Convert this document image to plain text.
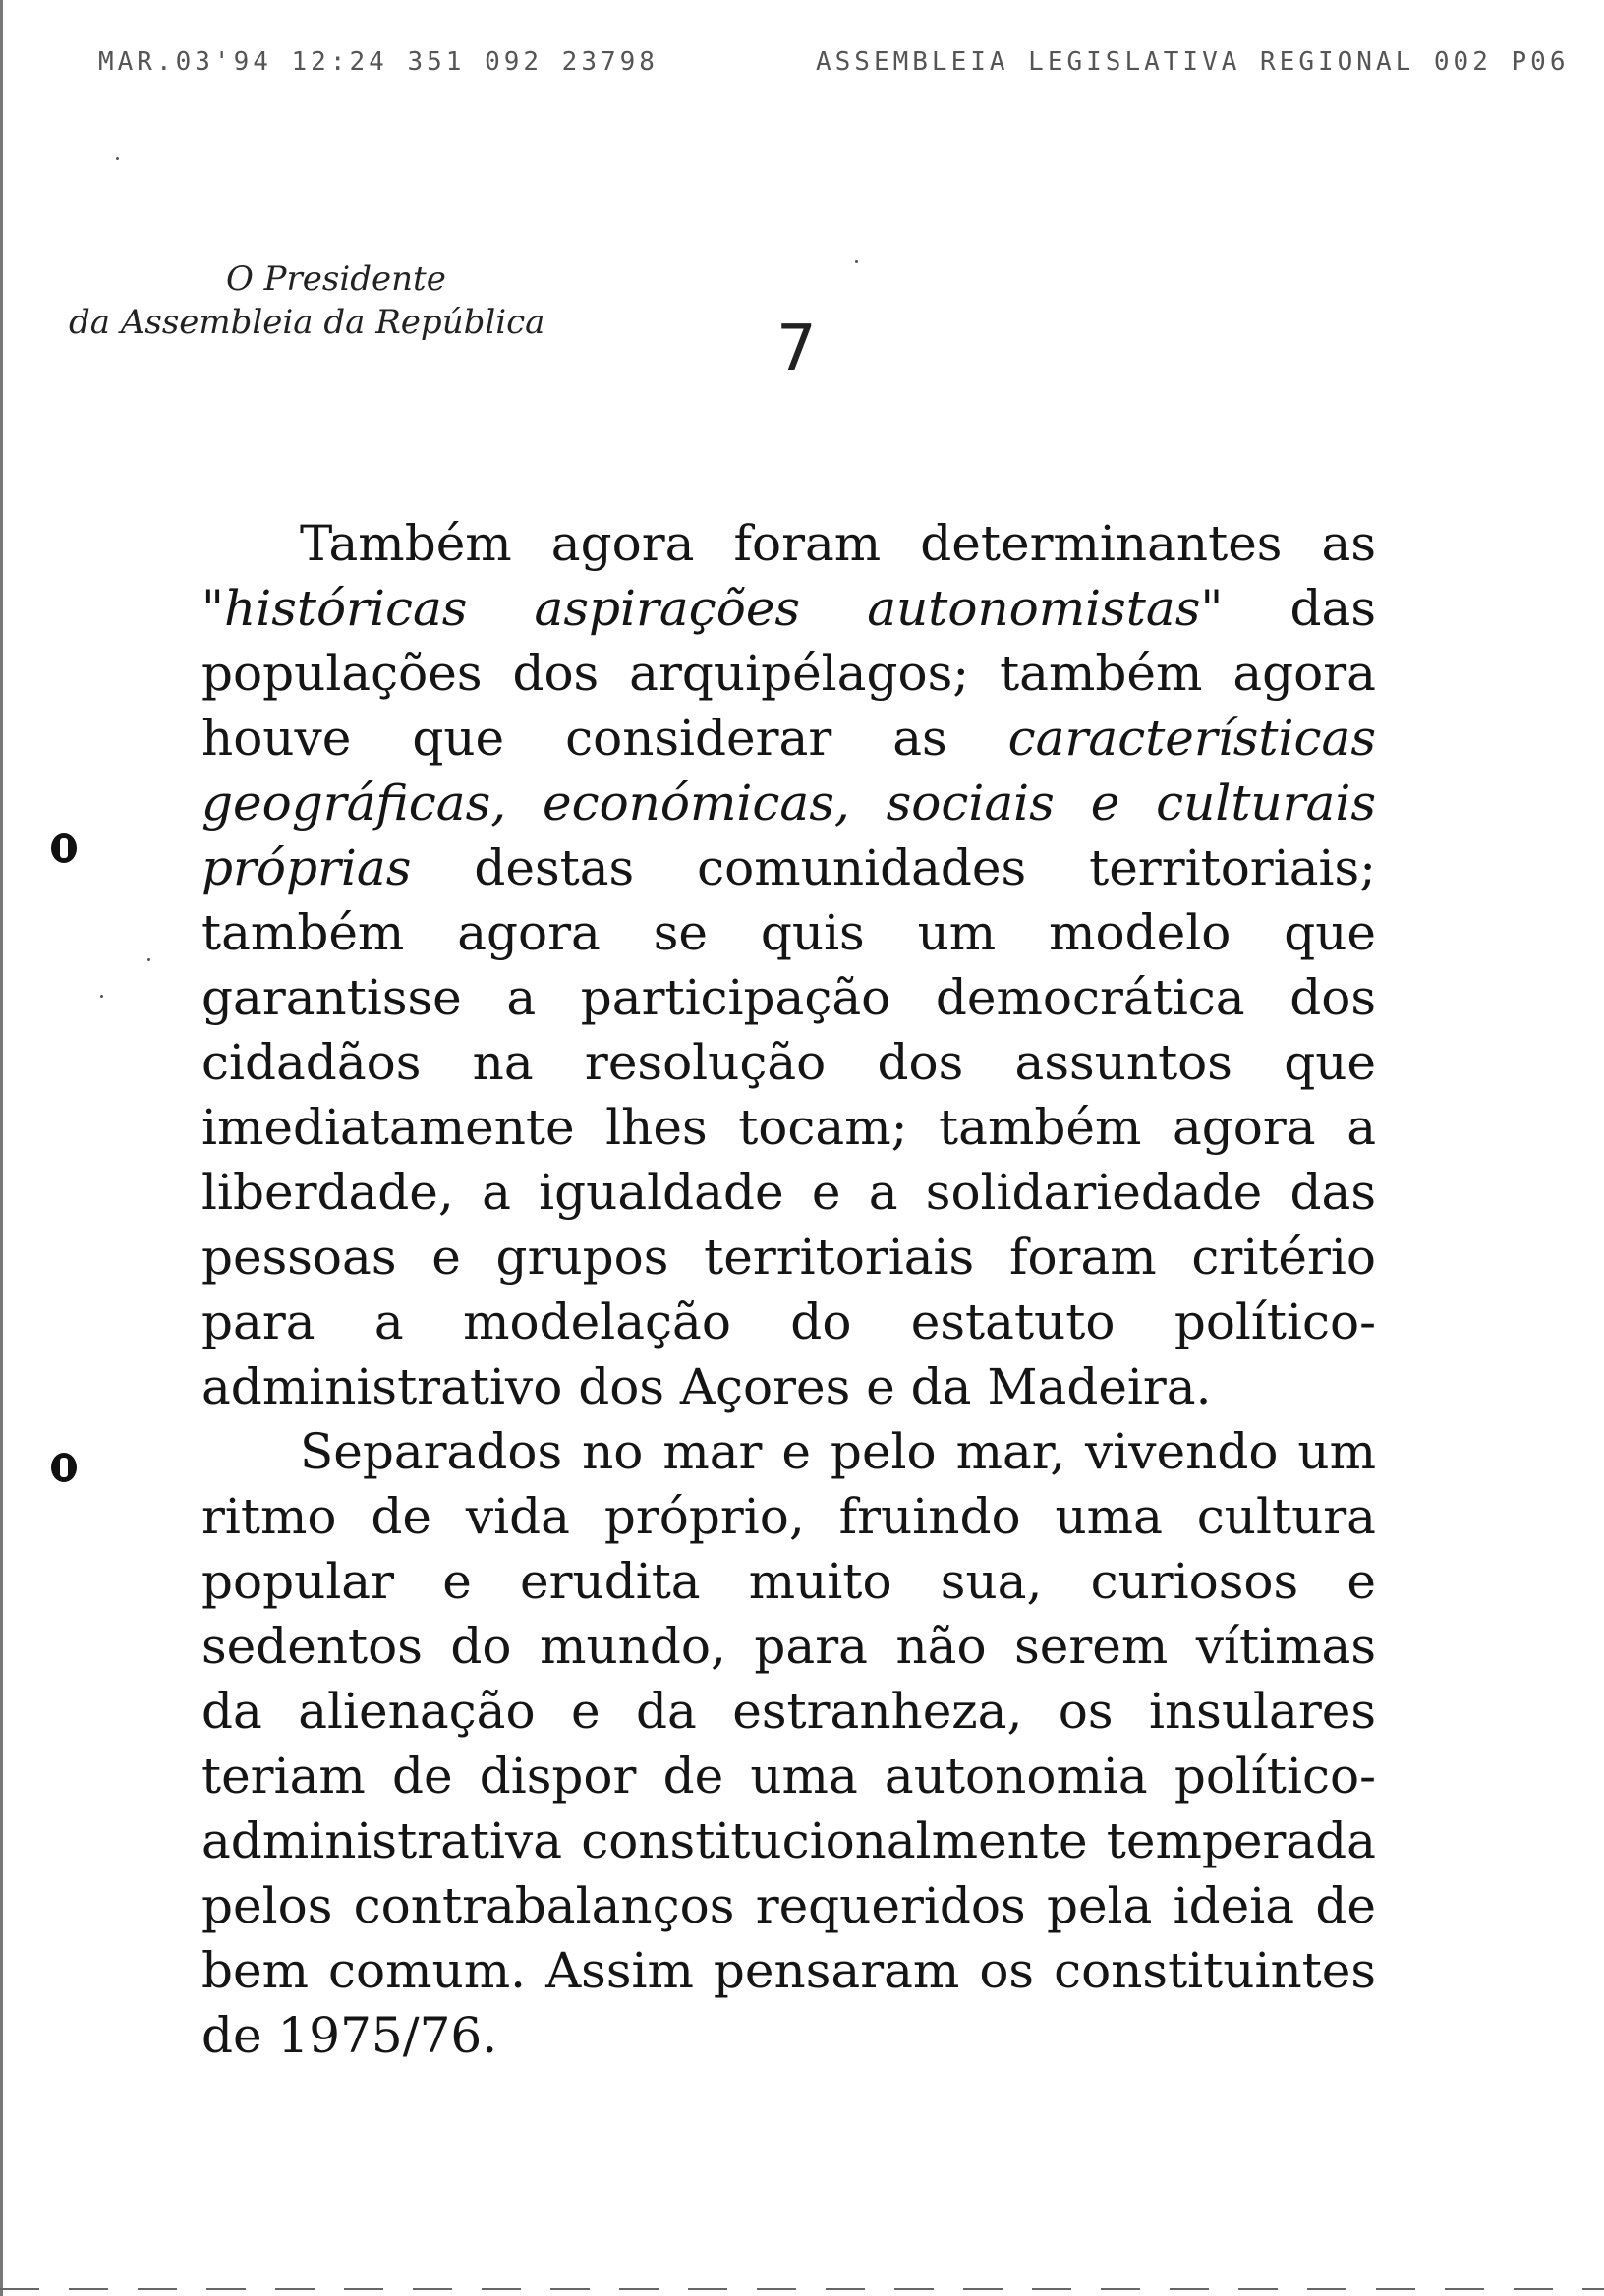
MAR.03'94 12:24 351 092 23798	ASSEMBLEIA LEGISLATIVA REGIONAL 002 P06
O Presidente
da Assembleia da República	7

Também agora foram determinantes as "históricas aspirações autonomistas" das populações dos arquipélagos; também agora houve que considerar as características geográficas, económicas, sociais e culturais próprias destas comunidades territoriais; também agora se quis um modelo que garantisse a participação democrática dos cidadãos na resolução dos assuntos que imediatamente lhes tocam; também agora a liberdade, a igualdade e a solidariedade das pessoas e grupos territoriais foram critério para a modelação do estatuto político-administrativo dos Açores e da Madeira.

Separados no mar e pelo mar, vivendo um ritmo de vida próprio, fruindo uma cultura popular e erudita muito sua, curiosos e sedentos do mundo, para não serem vítimas da alienação e da estranheza, os insulares teriam de dispor de uma autonomia político-administrativa constitucionalmente temperada pelos contrabalanços requeridos pela ideia de bem comum. Assim pensaram os constituintes de 1975/76.
